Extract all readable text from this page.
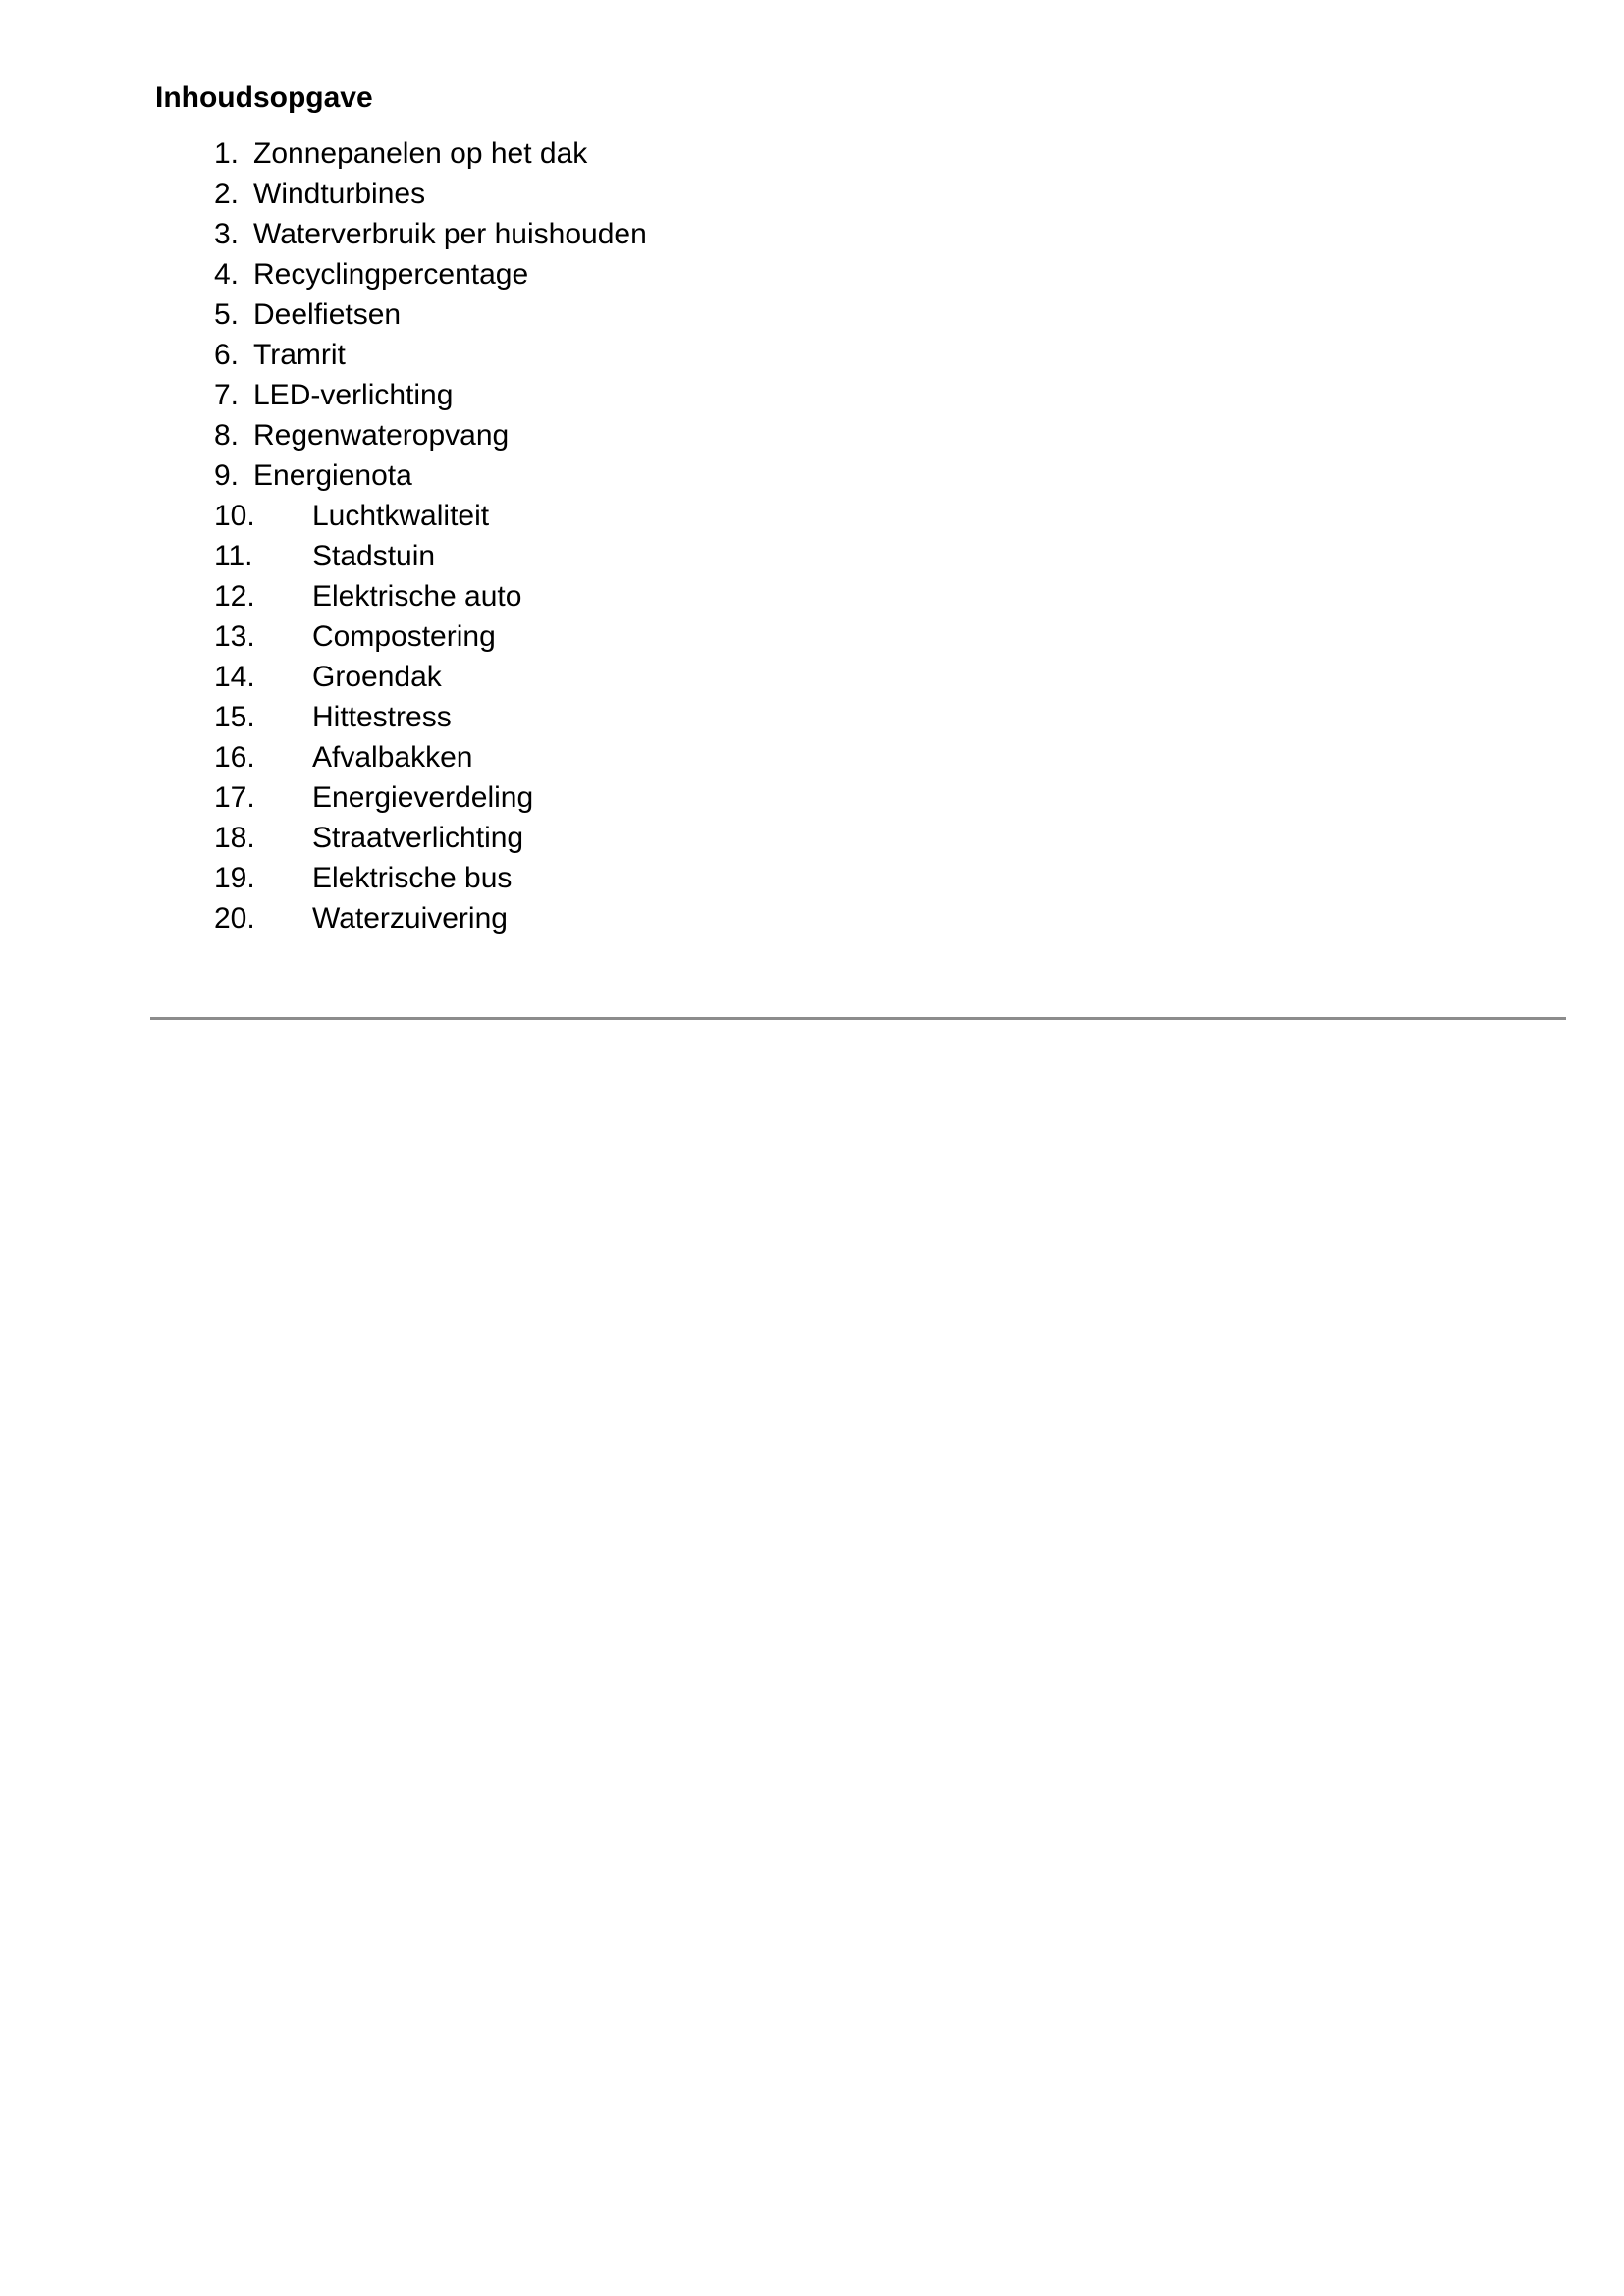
Inhoudsopgave
1. Zonnepanelen op het dak
2. Windturbines
3. Waterverbruik per huishouden
4. Recyclingpercentage
5. Deelfietsen
6. Tramrit
7. LED-verlichting
8. Regenwateropvang
9. Energienota
10. Luchtkwaliteit
11. Stadstuin
12. Elektrische auto
13. Compostering
14. Groendak
15. Hittestress
16. Afvalbakken
17. Energieverdeling
18. Straatverlichting
19. Elektrische bus
20. Waterzuivering
